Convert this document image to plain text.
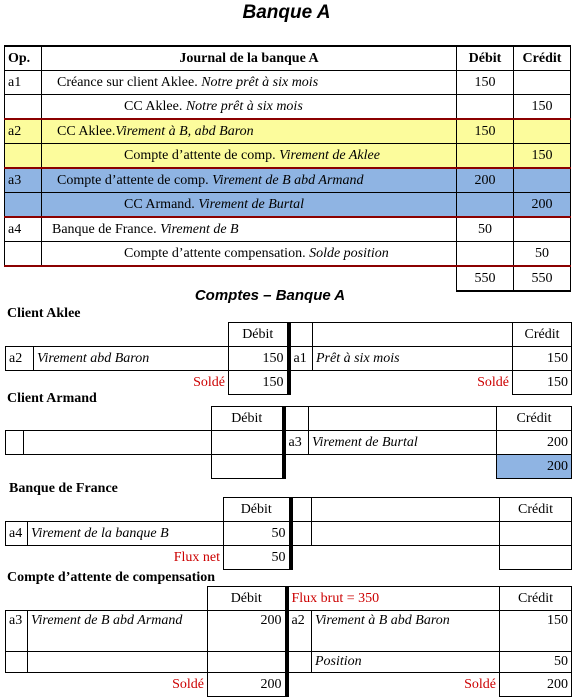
Banque A
Op.	Journal de la banque A	Débit	Crédit
a1	Créance sur client Aklee. Notre prêt à six mois	150	
	CC Aklee. Notre prêt à six mois		150
a2	CC Aklee.Virement à B, abd Baron	150	
	Compte d’attente de comp. Virement de Aklee		150
a3	Compte d’attente de comp. Virement de B abd Armand	200	
	CC Armand. Virement de Burtal		200
a4	Banque de France. Virement de B	50	
	Compte d’attente compensation. Solde position		50
		550	550
Comptes – Banque A
Client Aklee
		Débit			Crédit
a2	Virement abd Baron	150	a1	Prêt à six mois	150
	Soldé	150		Soldé	150
Client Armand
		Débit			Crédit
			a3	Virement de Burtal	200
					200
Banque de France
		Débit			Crédit
a4	Virement de la banque B	50			
	Flux net	50			
Compte d’attente de compensation
		Débit	Flux brut = 350		Crédit
a3	Virement de B abd Armand	200	a2	Virement à B abd Baron	150
				Position	50
	Soldé	200		Soldé	200
